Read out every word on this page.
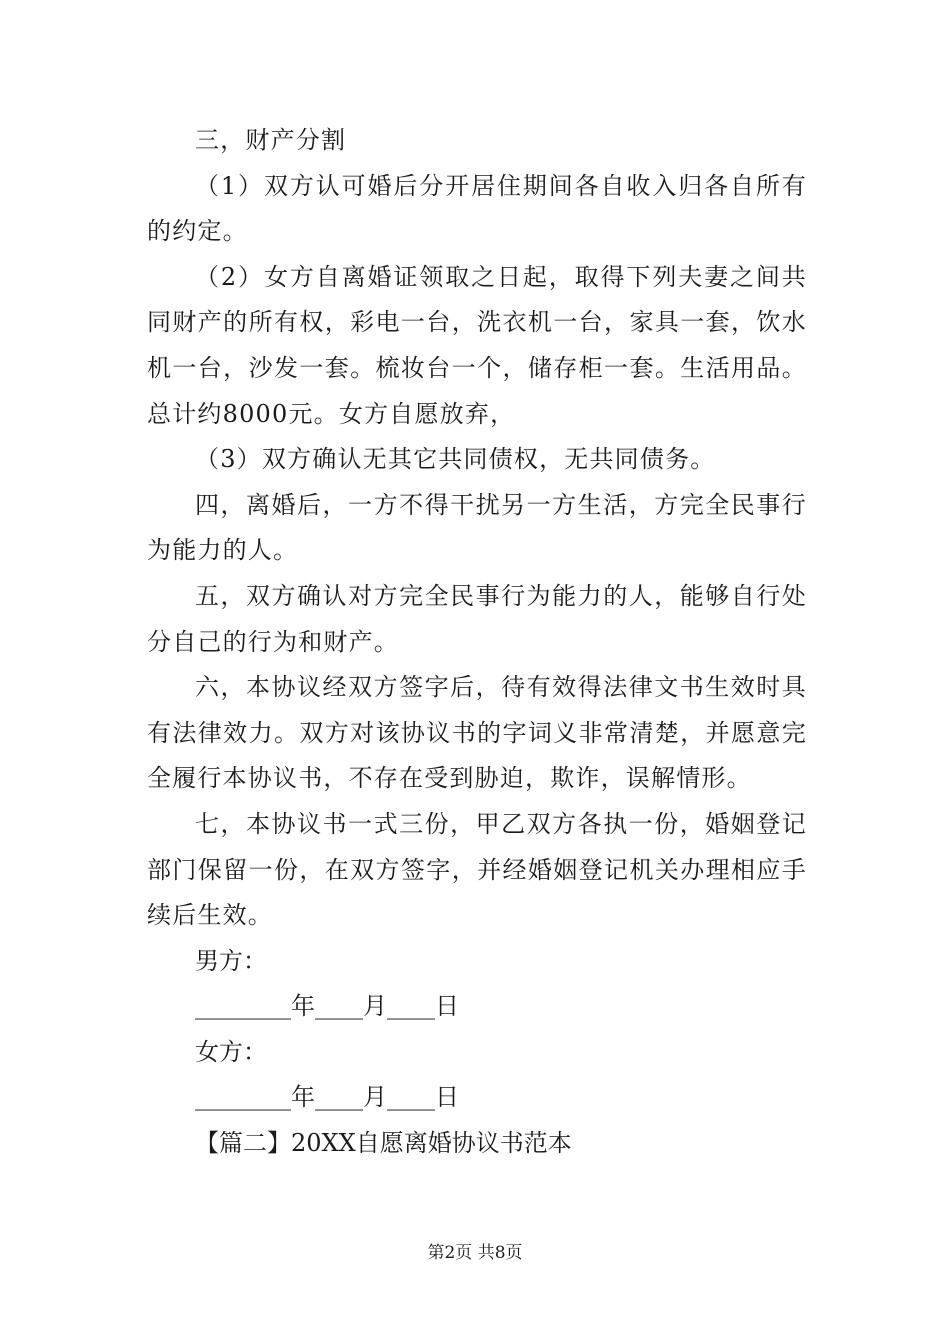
三，财产分割

（1）双方认可婚后分开居住期间各自收入归各自所有的约定。

（2）女方自离婚证领取之日起，取得下列夫妻之间共同财产的所有权，彩电一台，洗衣机一台，家具一套，饮水机一台，沙发一套。梳妆台一个，储存柜一套。生活用品。总计约8000元。女方自愿放弃，

（3）双方确认无其它共同债权，无共同债务。

四，离婚后，一方不得干扰另一方生活，方完全民事行为能力的人。

五，双方确认对方完全民事行为能力的人，能够自行处分自己的行为和财产。

六，本协议经双方签字后，待有效得法律文书生效时具有法律效力。双方对该协议书的字词义非常清楚，并愿意完全履行本协议书，不存在受到胁迫，欺诈，误解情形。

七，本协议书一式三份，甲乙双方各执一份，婚姻登记部门保留一份，在双方签字，并经婚姻登记机关办理相应手续后生效。

男方：

________年____月____日

女方：

________年____月____日

【篇二】20XX自愿离婚协议书范本

第2页 共8页
